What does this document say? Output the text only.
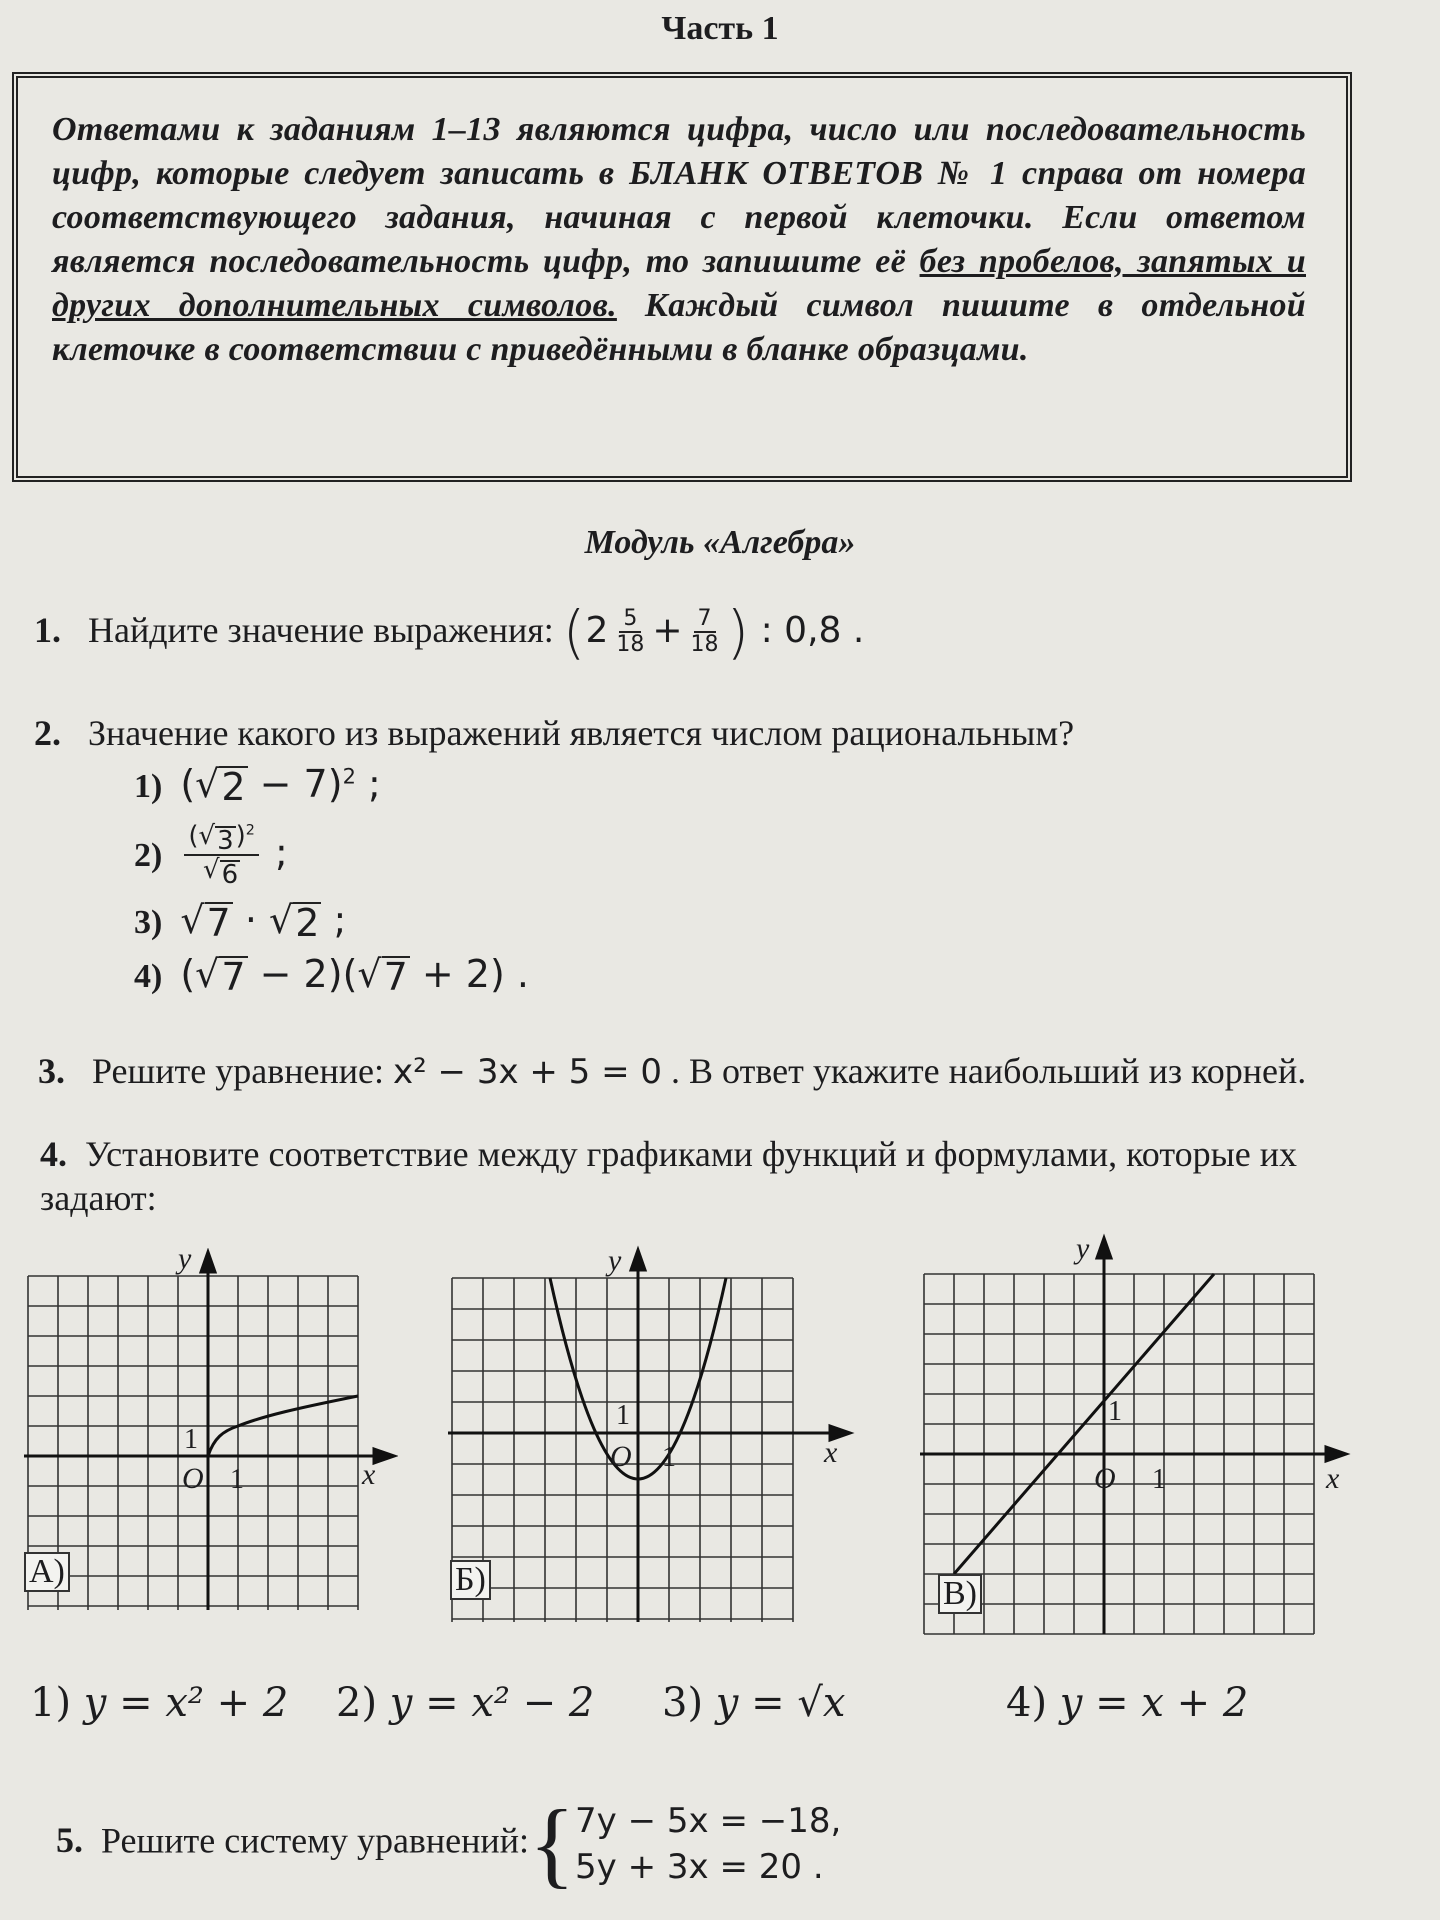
Часть 1

Ответами к заданиям 1–13 являются цифра, число или последовательность цифр, которые следует записать в БЛАНК ОТВЕТОВ № 1 справа от номера соответствующего задания, начиная с первой клеточки. Если ответом является последовательность цифр, то запишите её без пробелов, запятых и других дополнительных символов. Каждый символ пишите в отдельной клеточке в соответствии с приведёнными в бланке образцами.

Модуль «Алгебра»
1. Найдите значение выражения: ($2 \frac{5}{18} + \frac{7}{18}$ ) : 0,8 .
2. Значение какого из выражений является числом рациональным?
1) ( √ 2 − 7)$^2$ ;
$2) \frac{( √ 3 )^2}{√ 6}$ ;
3) √ 7 · √ 2 ;
4) ( √ 7 − 2)( √ 7 + 2) .
3. Решите уравнение: x² − 3x + 5 = 0 . В ответ укажите наибольший из корней.
4. Установите соответствие между графиками функций и формулами, которые их задают:
y
x
O
1
1
А)
y
x
O
1
1
Б)
y
x
O
1
1
В)
1) y = x² + 2 2) y = x² − 2 3) y = √x	4) y = x + 2
5. Решите систему уравнений:{7y − 5x = −18,
5y + 3x = 20 .
